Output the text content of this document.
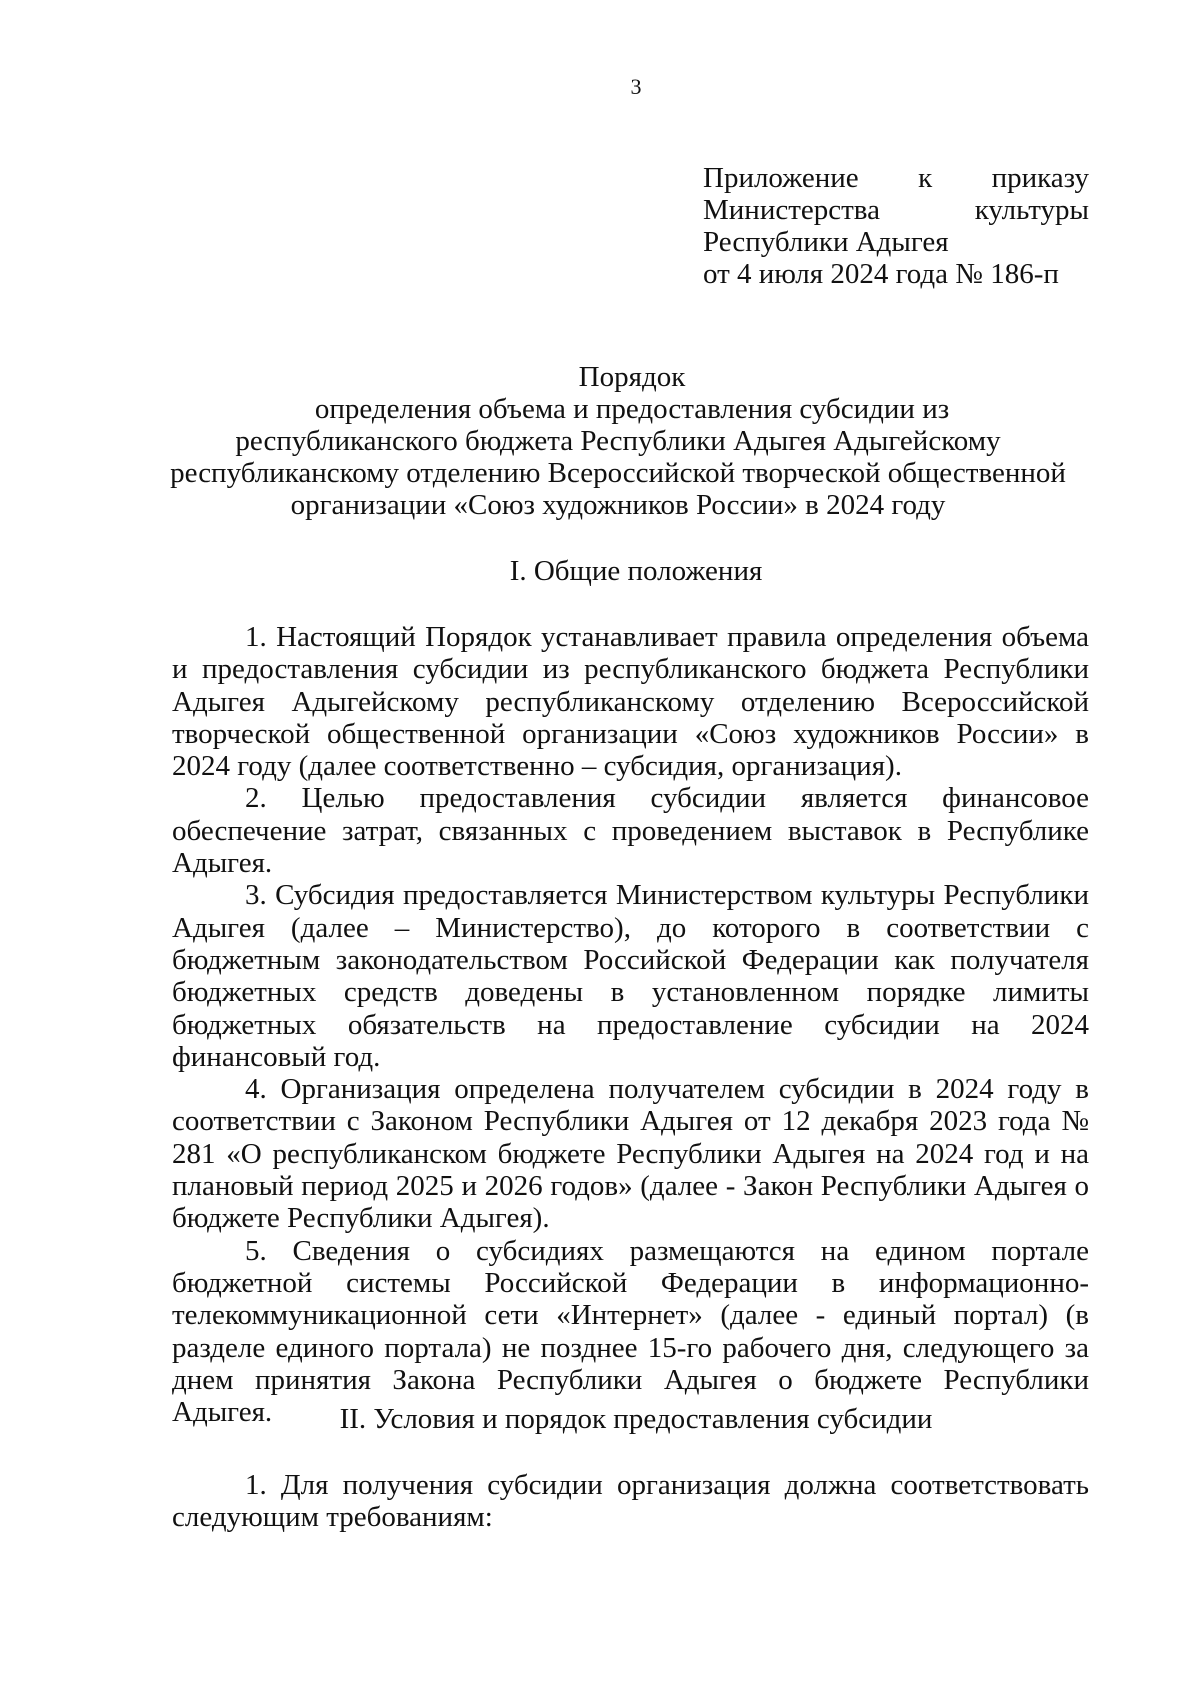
3
Приложение к приказу
Министерства	культуры
Республики Адыгея
от 4 июля 2024 года № 186-п
Порядок
определения объема и предоставления субсидии из
республиканского бюджета Республики Адыгея Адыгейскому
республиканскому отделению Всероссийской творческой общественной
организации «Союз художников России» в 2024 году
I. Общие положения

1. Настоящий Порядок устанавливает правила определения объема и предоставления субсидии из республиканского бюджета Республики Адыгея Адыгейскому республиканскому отделению Всероссийской творческой общественной организации «Союз художников России» в 2024 году (далее соответственно – субсидия, организация).

2. Целью предоставления субсидии является финансовое обеспечение затрат, связанных с проведением выставок в Республике Адыгея.

3. Субсидия предоставляется Министерством культуры Республики Адыгея (далее – Министерство), до которого в соответствии с бюджетным законодательством Российской Федерации как получателя бюджетных средств доведены в установленном порядке лимиты бюджетных обязательств на предоставление субсидии на 2024 финансовый год.

4. Организация определена получателем субсидии в 2024 году в соответствии с Законом Республики Адыгея от 12 декабря 2023 года № 281 «О республиканском бюджете Республики Адыгея на 2024 год и на плановый период 2025 и 2026 годов» (далее - Закон Республики Адыгея о бюджете Республики Адыгея).

5. Сведения о субсидиях размещаются на едином портале бюджетной системы Российской Федерации в информационно-телекоммуникационной сети «Интернет» (далее - единый портал) (в разделе единого портала) не позднее 15-го рабочего дня, следующего за днем принятия Закона Республики Адыгея о бюджете Республики Адыгея.	II. Условия и порядок предоставления субсидии

1. Для получения субсидии организация должна соответствовать следующим требованиям:
